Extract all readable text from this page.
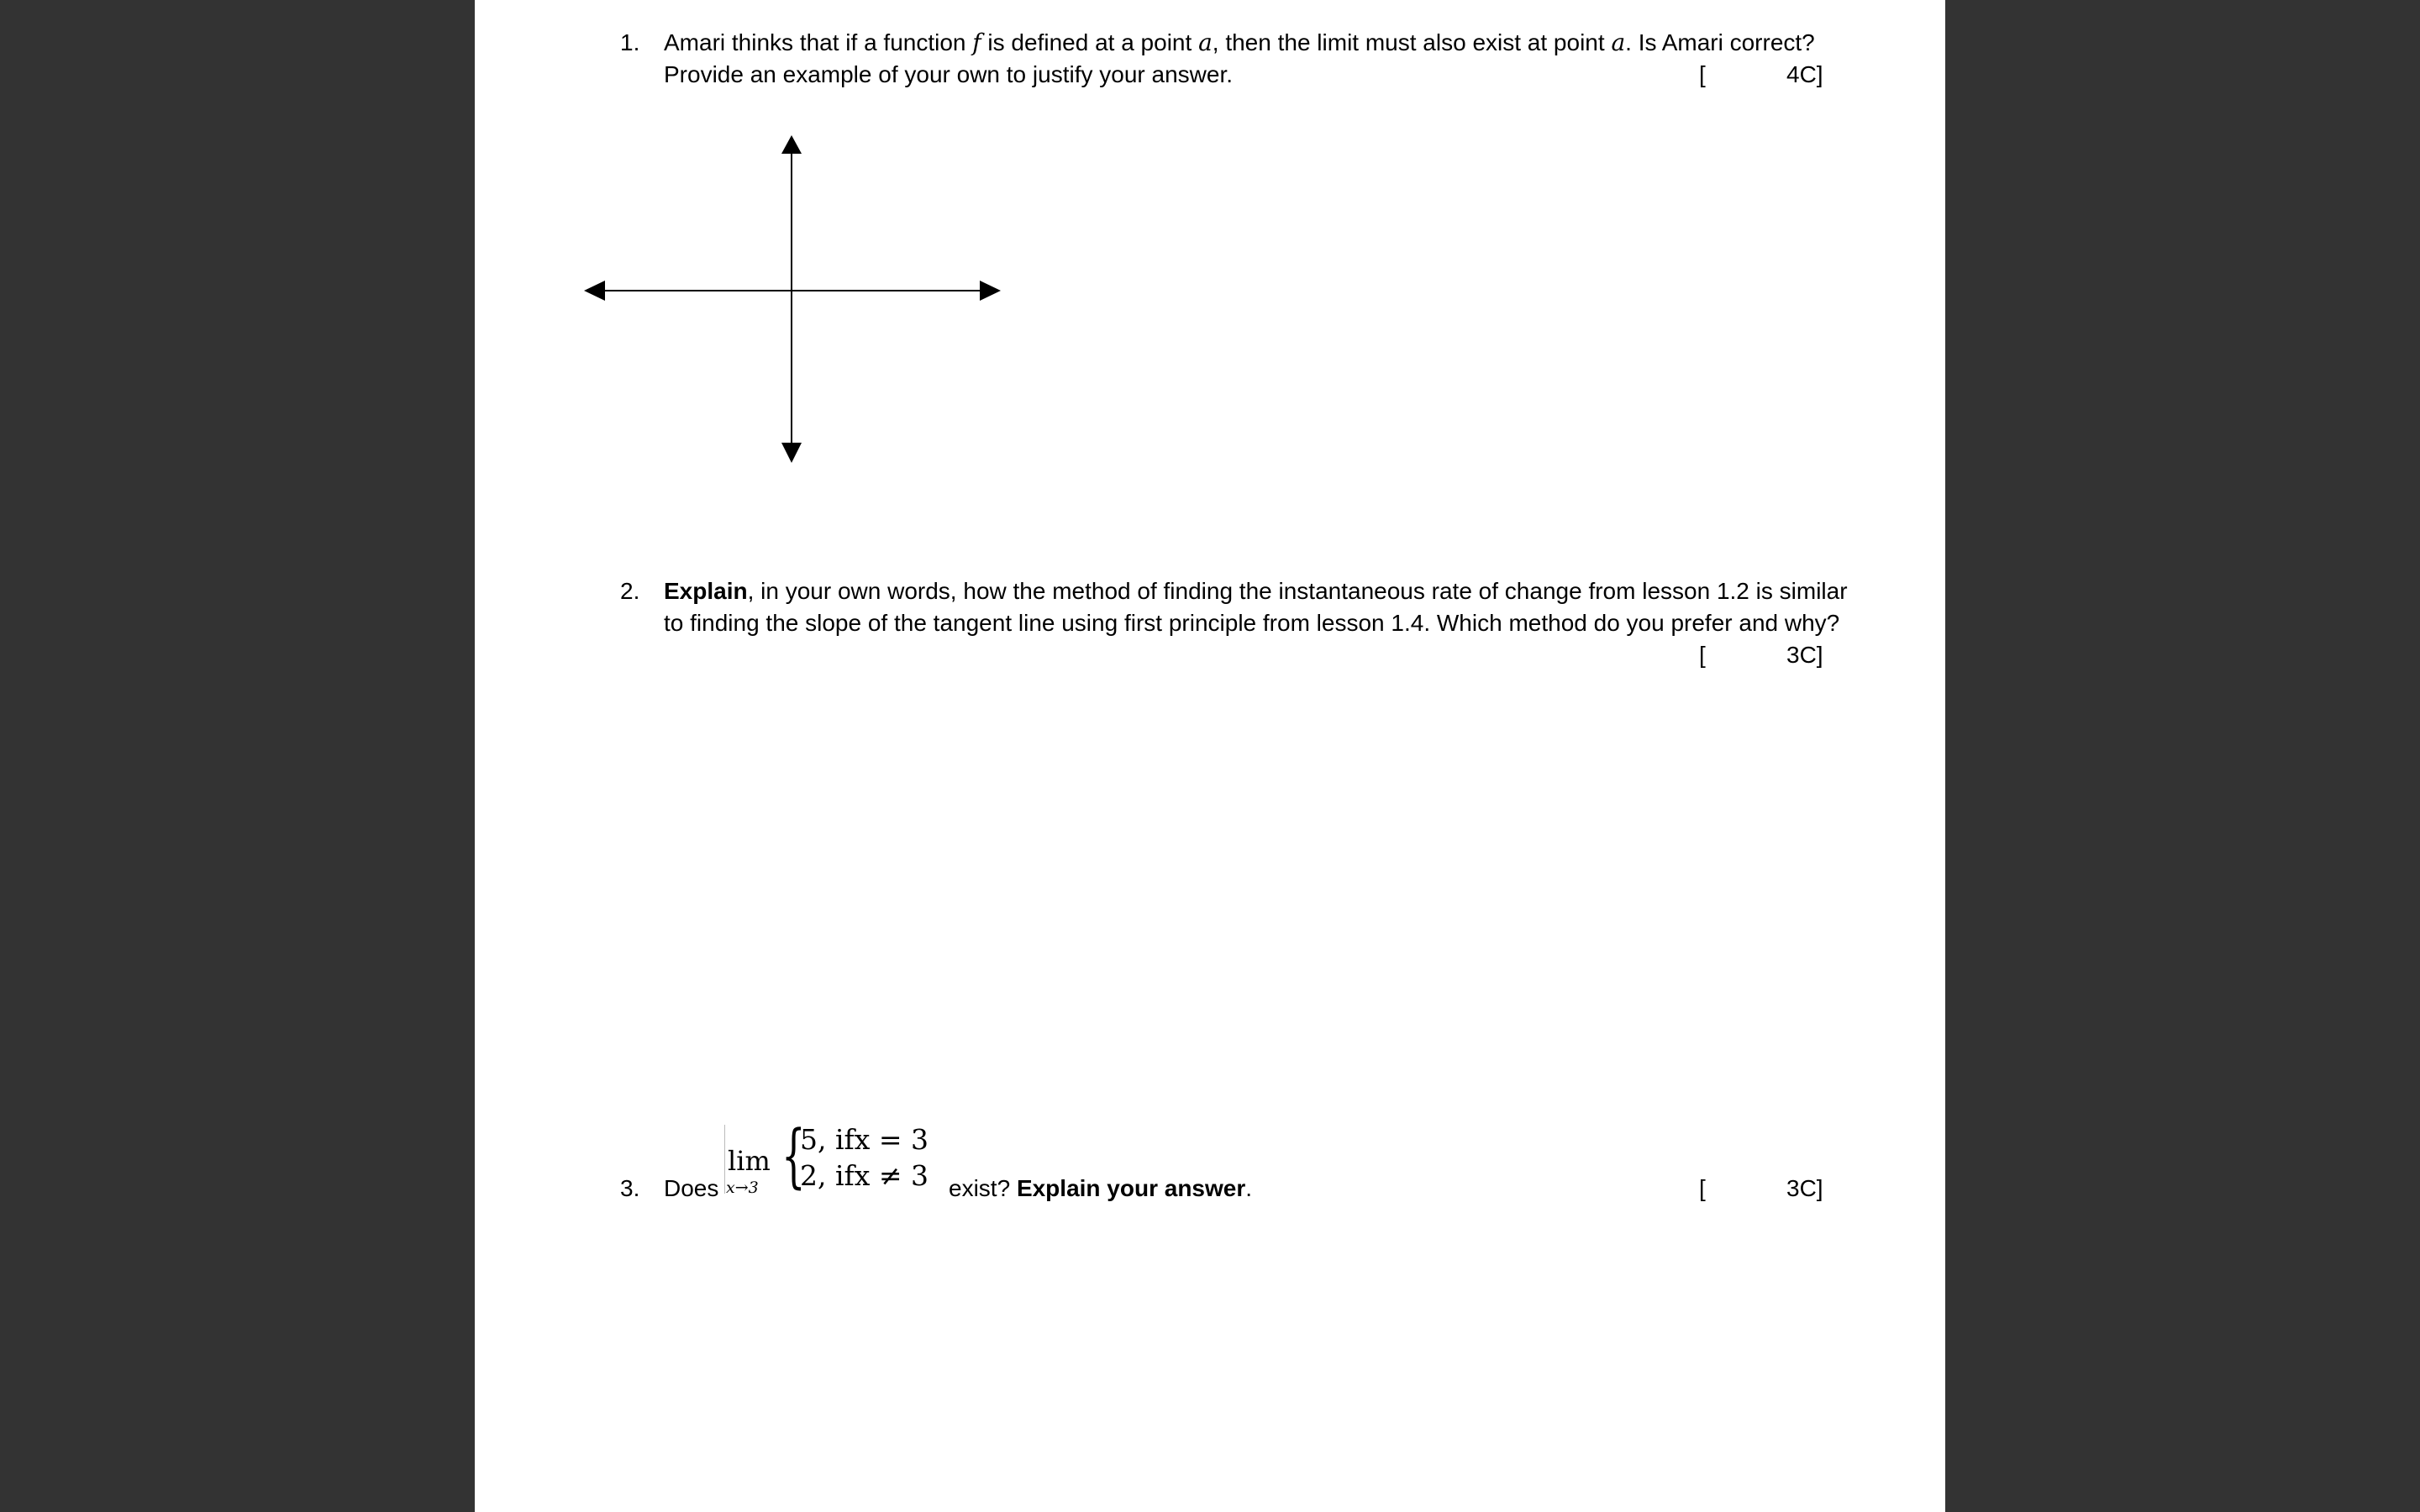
1. Amari thinks that if a function f is defined at a point a, then the limit must also exist at point a. Is Amari correct?
Provide an example of your own to justify your answer.	[	4C]
2. Explain, in your own words, how the method of finding the instantaneous rate of change from lesson 1.2 is similar
to finding the slope of the tangent line using first principle from lesson 1.4. Which method do you prefer and why?
[	3C]
3. Does	exist? Explain your answer.	[	3C]
lim
x→3 {
5, ifx = 3
2, ifx ≠ 3
